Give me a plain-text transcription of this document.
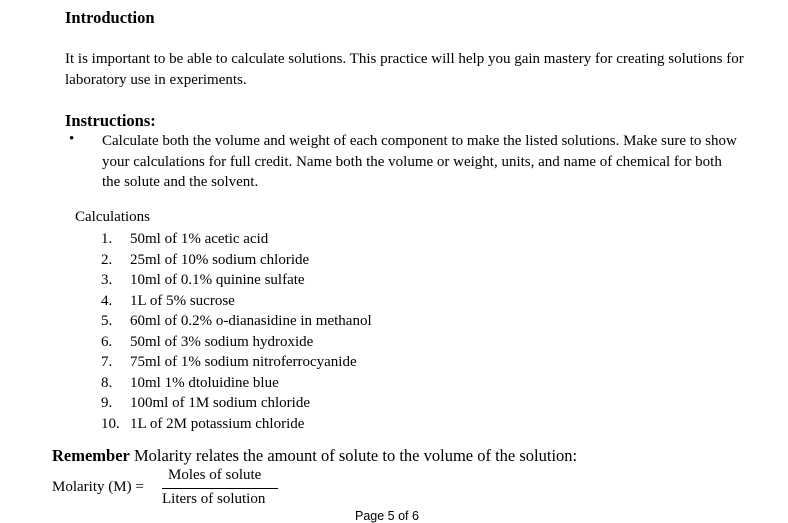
Introduction
It is important to be able to calculate solutions. This practice will help you gain mastery for creating solutions for laboratory use in experiments.
Instructions:
• Calculate both the volume and weight of each component to make the listed solutions. Make sure to show your calculations for full credit. Name both the volume or weight, units, and name of chemical for both the solute and the solvent.
Calculations
1. 50ml of 1% acetic acid
2. 25ml of 10% sodium chloride
3. 10ml of 0.1% quinine sulfate
4. 1L of 5% sucrose
5. 60ml of 0.2% o-dianasidine in methanol
6. 50ml of 3% sodium hydroxide
7. 75ml of 1% sodium nitroferrocyanide
8. 10ml 1% dtoluidine blue
9. 100ml of 1M sodium chloride
10. 1L of 2M potassium chloride
Remember Molarity relates the amount of solute to the volume of the solution:
Molarity (M) =
Moles of solute
Liters of solution
Page 5 of 6
